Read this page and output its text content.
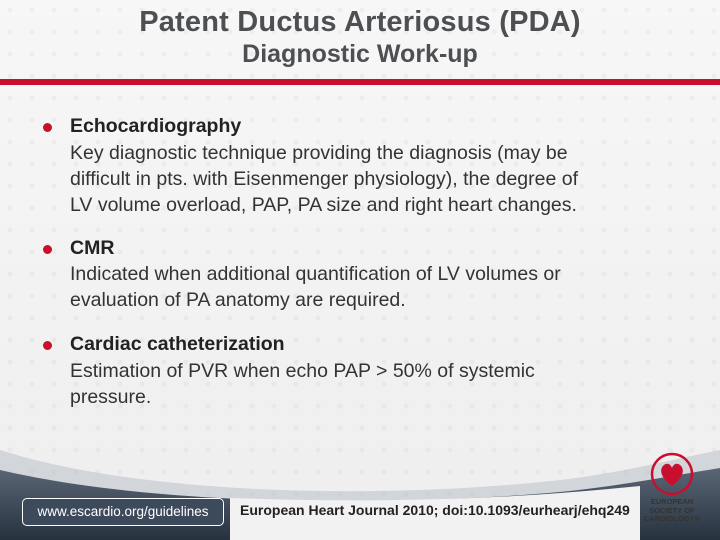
Patent Ductus Arteriosus (PDA)
Diagnostic Work-up
Echocardiography
Key diagnostic technique providing the diagnosis (may be
difficult in pts. with Eisenmenger physiology), the degree of
LV volume overload, PAP, PA size and right heart changes.
CMR
Indicated when additional quantification of LV volumes or
evaluation of PA anatomy are required.
Cardiac catheterization
Estimation of PVR when echo PAP > 50% of systemic
pressure.
www.escardio.org/guidelines	European Heart Journal 2010; doi:10.1093/eurhearj/ehq249
EUROPEAN
SOCIETY OF
CARDIOLOGY®
